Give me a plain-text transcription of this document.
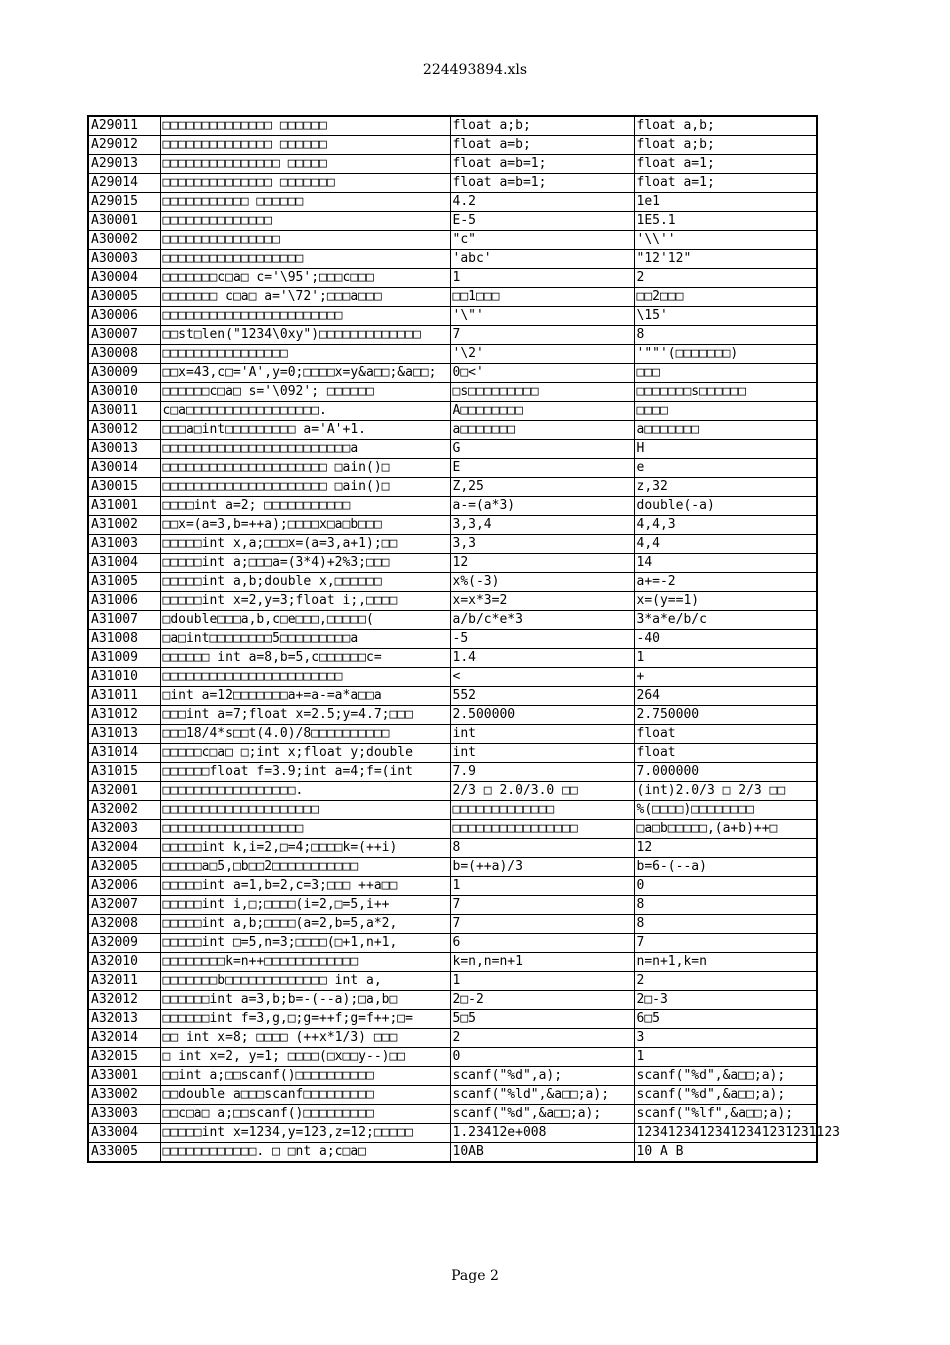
224493894.xls
A29011	□□□□□□□□□□□□□□ □□□□□□	float a;b;	float a,b;
A29012	□□□□□□□□□□□□□□ □□□□□□	float a=b;	float a;b;
A29013	□□□□□□□□□□□□□□□ □□□□□	float a=b=1;	float a=1;
A29014	□□□□□□□□□□□□□□ □□□□□□□	float a=b=1;	float a=1;
A29015	□□□□□□□□□□□ □□□□□□	4.2	1e1
A30001	□□□□□□□□□□□□□□	E-5	1E5.1
A30002	□□□□□□□□□□□□□□□	"c"	'\\''
A30003	□□□□□□□□□□□□□□□□□□	'abc'	"12'12"
A30004	□□□□□□□c□a□ c='\95';□□□c□□□	1	2
A30005	□□□□□□□ c□a□ a='\72';□□□a□□□	□□1□□□	□□2□□□
A30006	□□□□□□□□□□□□□□□□□□□□□□□	'\"'	\15'
A30007	□□st□len("1234\0xy")□□□□□□□□□□□□□	7	8
A30008	□□□□□□□□□□□□□□□□	'\2'	'""'(□□□□□□□)
A30009	□□x=43,c□='A',y=0;□□□□x=y&a□□;&a□□;	0□<'	□□□
A30010	□□□□□□c□a□ s='\092'; □□□□□□	□s□□□□□□□□□	□□□□□□□s□□□□□□
A30011	c□a□□□□□□□□□□□□□□□□□.	A□□□□□□□□	□□□□
A30012	□□□a□int□□□□□□□□□ a='A'+1.	a□□□□□□□	a□□□□□□□
A30013	□□□□□□□□□□□□□□□□□□□□□□□□a	G	H
A30014	□□□□□□□□□□□□□□□□□□□□□ □ain()□	E	e
A30015	□□□□□□□□□□□□□□□□□□□□□ □ain()□	Z,25	z,32
A31001	□□□□int a=2; □□□□□□□□□□□	a-=(a*3)	double(-a)
A31002	□□x=(a=3,b=++a);□□□□x□a□b□□□	3,3,4	4,4,3
A31003	□□□□□int x,a;□□□x=(a=3,a+1);□□	3,3	4,4
A31004	□□□□□int a;□□□a=(3*4)+2%3;□□□	12	14
A31005	□□□□□int a,b;double x,□□□□□□	x%(-3)	a+=-2
A31006	□□□□□int x=2,y=3;float i;,□□□□	x=x*3=2	x=(y==1)
A31007	□double□□□a,b,c□e□□□,□□□□□(	a/b/c*e*3	3*a*e/b/c
A31008	□a□int□□□□□□□□5□□□□□□□□□a	-5	-40
A31009	□□□□□□ int a=8,b=5,c□□□□□□c=	1.4	1
A31010	□□□□□□□□□□□□□□□□□□□□□□□	<	+
A31011	□int a=12□□□□□□□a+=a-=a*a□□a	552	264
A31012	□□□int a=7;float x=2.5;y=4.7;□□□	2.500000	2.750000
A31013	□□□18/4*s□□t(4.0)/8□□□□□□□□□□	int	float
A31014	□□□□□c□a□ □;int x;float y;double	int	float
A31015	□□□□□□float f=3.9;int a=4;f=(int	7.9	7.000000
A32001	□□□□□□□□□□□□□□□□□.	2/3 □ 2.0/3.0 □□	(int)2.0/3 □ 2/3 □□
A32002	□□□□□□□□□□□□□□□□□□□□	□□□□□□□□□□□□□	%(□□□□)□□□□□□□□
A32003	□□□□□□□□□□□□□□□□□□	□□□□□□□□□□□□□□□□	□a□b□□□□□,(a+b)++□
A32004	□□□□□int k,i=2,□=4;□□□□k=(++i)	8	12
A32005	□□□□□a□5,□b□□2□□□□□□□□□□□	b=(++a)/3	b=6-(--a)
A32006	□□□□□int a=1,b=2,c=3;□□□ ++a□□	1	0
A32007	□□□□□int i,□;□□□□(i=2,□=5,i++	7	8
A32008	□□□□□int a,b;□□□□(a=2,b=5,a*2,	7	8
A32009	□□□□□int □=5,n=3;□□□□(□+1,n+1,	6	7
A32010	□□□□□□□□k=n++□□□□□□□□□□□□	k=n,n=n+1	n=n+1,k=n
A32011	□□□□□□□b□□□□□□□□□□□□□ int a,	1	2
A32012	□□□□□□int a=3,b;b=-(--a);□a,b□	2□-2	2□-3
A32013	□□□□□□int f=3,g,□;g=++f;g=f++;□=	5□5	6□5
A32014	□□ int x=8; □□□□ (++x*1/3) □□□	2	3
A32015	□ int x=2, y=1; □□□□(□x□□y--)□□	0	1
A33001	□□int a;□□scanf()□□□□□□□□□□	scanf("%d",a);	scanf("%d",&a□□;a);
A33002	□□double a□□□scanf□□□□□□□□□	scanf("%ld",&a□□;a);	scanf("%d",&a□□;a);
A33003	□□c□a□ a;□□scanf()□□□□□□□□□	scanf("%d",&a□□;a);	scanf("%lf",&a□□;a);
A33004	□□□□□int x=1234,y=123,z=12;□□□□□	1.23412e+008	12341234123412341231231123
A33005	□□□□□□□□□□□□. □ □nt a;c□a□	10AB	10 A B
Page 2
